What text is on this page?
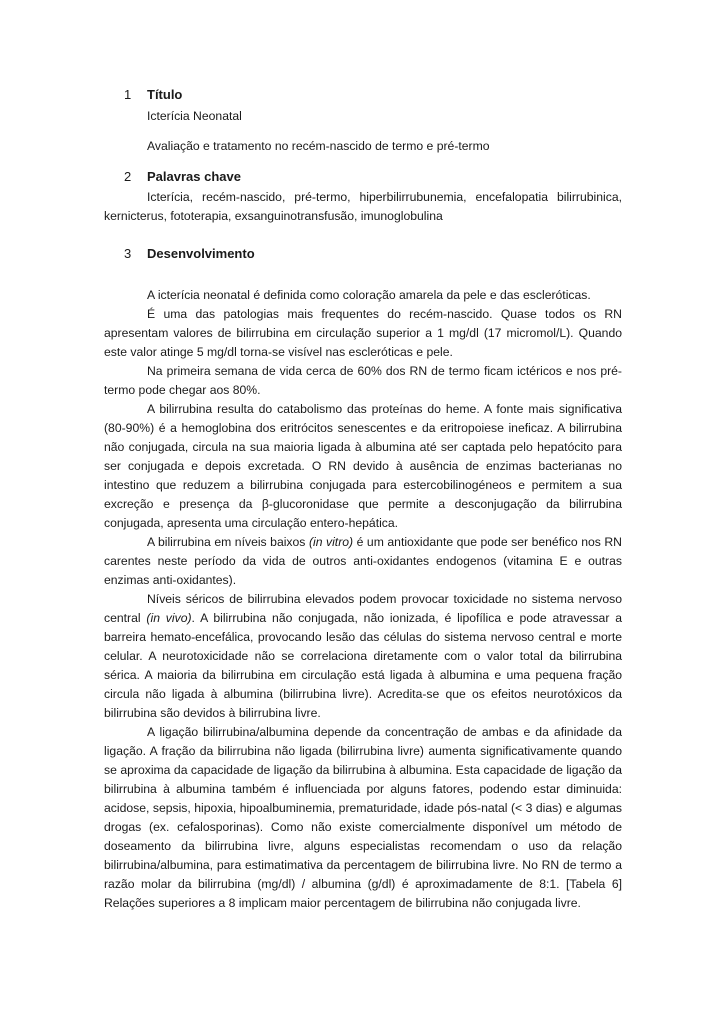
1	Título
Icterícia Neonatal
Avaliação e tratamento no recém-nascido de termo e pré-termo
2	Palavras chave
Icterícia, recém-nascido, pré-termo, hiperbilirrubunemia, encefalopatia bilirrubinica, kernicterus, fototerapia, exsanguinotransfusão, imunoglobulina
3	Desenvolvimento

A icterícia neonatal é definida como coloração amarela da pele e das escleróticas.

É uma das patologias mais frequentes do recém-nascido. Quase todos os RN apresentam valores de bilirrubina em circulação superior a 1 mg/dl (17 micromol/L). Quando este valor atinge 5 mg/dl torna-se visível nas escleróticas e pele.

Na primeira semana de vida cerca de 60% dos RN de termo ficam ictéricos e nos pré-termo pode chegar aos 80%.

A bilirrubina resulta do catabolismo das proteínas do heme. A fonte mais significativa (80-90%) é a hemoglobina dos eritrócitos senescentes e da eritropoiese ineficaz. A bilirrubina não conjugada, circula na sua maioria ligada à albumina até ser captada pelo hepatócito para ser conjugada e depois excretada. O RN devido à ausência de enzimas bacterianas no intestino que reduzem a bilirrubina conjugada para estercobilinogéneos e permitem a sua excreção e presença da β-glucoronidase que permite a desconjugação da bilirrubina conjugada, apresenta uma circulação entero-hepática.

A bilirrubina em níveis baixos (in vitro) é um antioxidante que pode ser benéfico nos RN carentes neste período da vida de outros anti-oxidantes endogenos (vitamina E e outras enzimas anti-oxidantes).

Níveis séricos de bilirrubina elevados podem provocar toxicidade no sistema nervoso central (in vivo). A bilirrubina não conjugada, não ionizada, é lipofílica e pode atravessar a barreira hemato-encefálica, provocando lesão das células do sistema nervoso central e morte celular. A neurotoxicidade não se correlaciona diretamente com o valor total da bilirrubina sérica. A maioria da bilirrubina em circulação está ligada à albumina e uma pequena fração circula não ligada à albumina (bilirrubina livre). Acredita-se que os efeitos neurotóxicos da bilirrubina são devidos à bilirrubina livre.

A ligação bilirrubina/albumina depende da concentração de ambas e da afinidade da ligação. A fração da bilirrubina não ligada (bilirrubina livre) aumenta significativamente quando se aproxima da capacidade de ligação da bilirrubina à albumina. Esta capacidade de ligação da bilirrubina à albumina também é influenciada por alguns fatores, podendo estar diminuida: acidose, sepsis, hipoxia, hipoalbuminemia, prematuridade, idade pós-natal (< 3 dias) e algumas drogas (ex. cefalosporinas). Como não existe comercialmente disponível um método de doseamento da bilirrubina livre, alguns especialistas recomendam o uso da relação bilirrubina/albumina, para estimatimativa da percentagem de bilirrubina livre. No RN de termo a razão molar da bilirrubina (mg/dl) / albumina (g/dl) é aproximadamente de 8:1. [Tabela 6] Relações superiores a 8 implicam maior percentagem de bilirrubina não conjugada livre.
